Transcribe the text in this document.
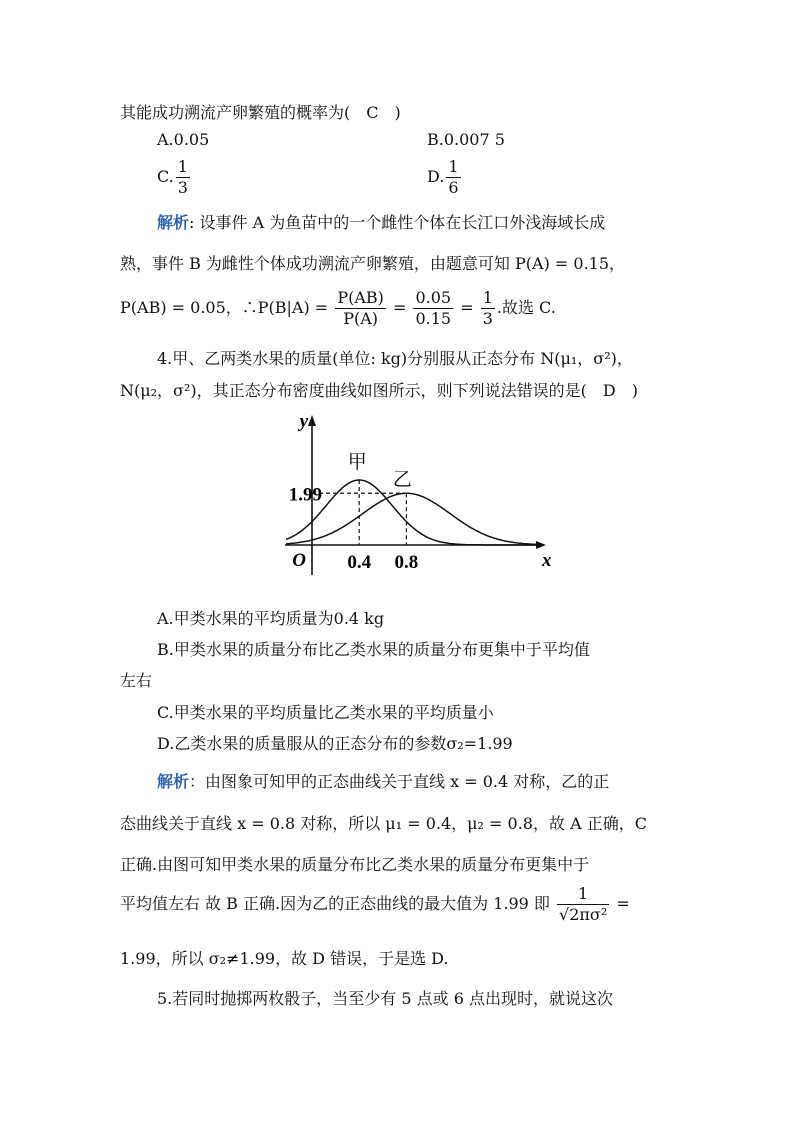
其能成功溯流产卵繁殖的概率为(　C　)
A.0.05	B.0.007 5
C. $\frac{1}{3}$	D. $\frac{1}{6}$
解析: 设事件 A 为鱼苗中的一个雌性个体在长江口外浅海域长成
熟，事件 B 为雌性个体成功溯流产卵繁殖，由题意可知 P(A) = 0.15，
P(AB) = 0.05，∴P(B|A) = $\frac{P(AB)}{P(A)} = \frac{0.05}{0.15} = \frac{1}{3}$ .故选 C.
4.甲、乙两类水果的质量(单位: kg)分别服从正态分布 N(μ₁，σ²)，
N(μ₂，σ²)，其正态分布密度曲线如图所示，则下列说法错误的是(　D　)
y
x
O
甲
乙
1.99
0.4 0.8
A.甲类水果的平均质量为0.4 kg
B.甲类水果的质量分布比乙类水果的质量分布更集中于平均值
左右
C.甲类水果的平均质量比乙类水果的平均质量小
D.乙类水果的质量服从的正态分布的参数σ₂=1.99
解析：由图象可知甲的正态曲线关于直线 x = 0.4 对称，乙的正
态曲线关于直线 x = 0.8 对称，所以 μ₁ = 0.4，μ₂ = 0.8，故 A 正确，C
正确.由图可知甲类水果的质量分布比乙类水果的质量分布更集中于
平均值左右 故 B 正确.因为乙的正态曲线的最大值为 1.99 即 $\frac{1}{\text{√2πσ²}}$ =
1.99，所以 σ₂≠1.99，故 D 错误，于是选 D.
5.若同时抛掷两枚骰子，当至少有 5 点或 6 点出现时，就说这次
